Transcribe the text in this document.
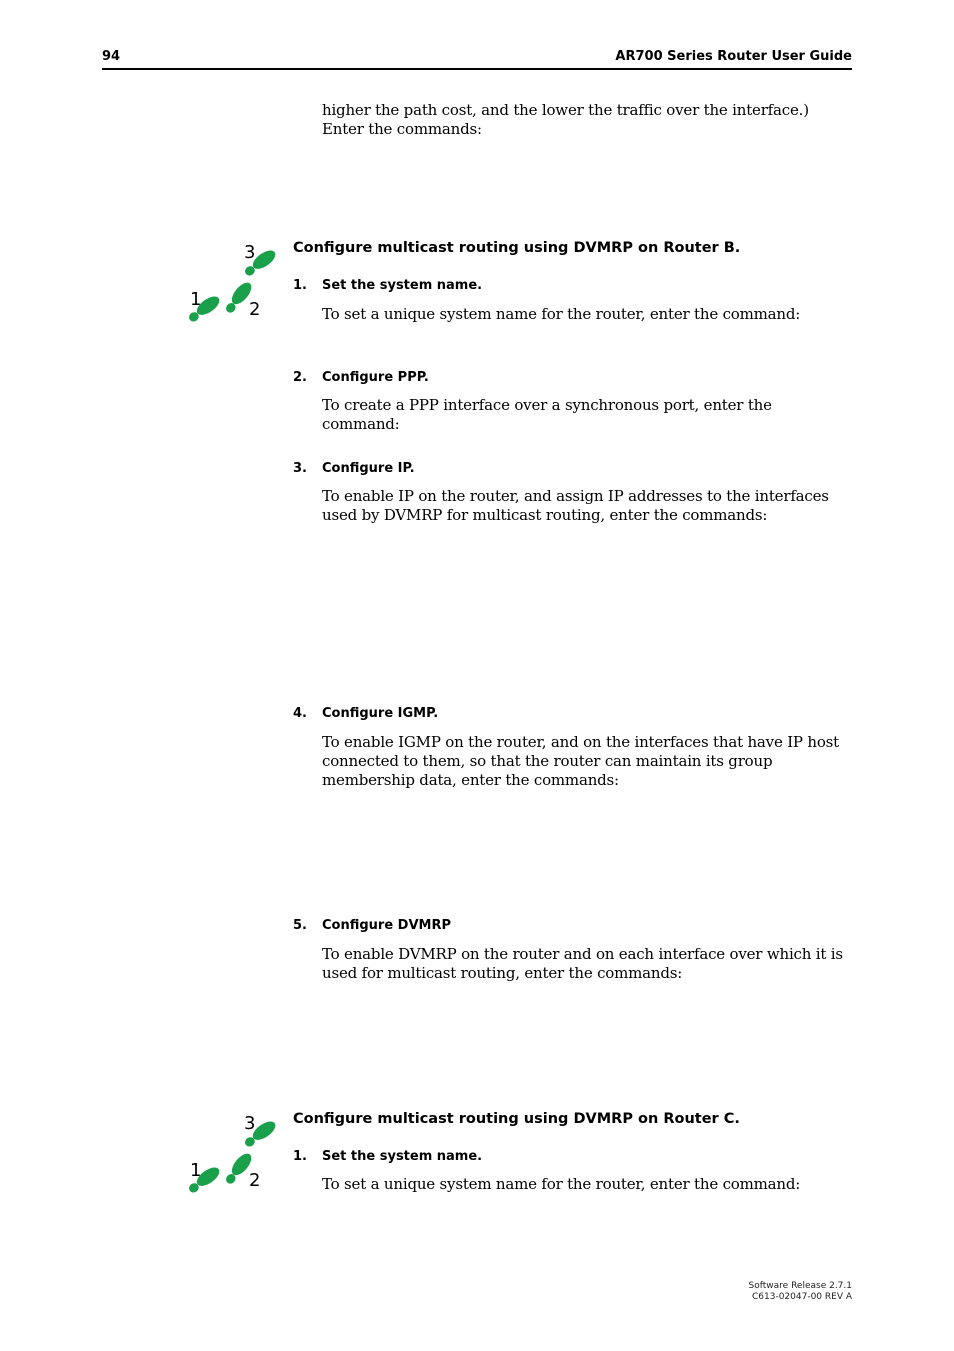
94	AR700 Series Router User Guide
higher the path cost, and the lower the traffic over the interface.) Enter the commands:
3
1	2
Configure multicast routing using DVMRP on Router B.
1. Set the system name.
To set a unique system name for the router, enter the command:
2. Configure PPP.
To create a PPP interface over a synchronous port, enter the command:
3. Configure IP.
To enable IP on the router, and assign IP addresses to the interfaces used by DVMRP for multicast routing, enter the commands:
4. Configure IGMP.
To enable IGMP on the router, and on the interfaces that have IP host connected to them, so that the router can maintain its group membership data, enter the commands:
5. Configure DVMRP
To enable DVMRP on the router and on each interface over which it is used for multicast routing, enter the commands:
3
1	2
Configure multicast routing using DVMRP on Router C.
1. Set the system name.
To set a unique system name for the router, enter the command:
Software Release 2.7.1
C613-02047-00 REV A
